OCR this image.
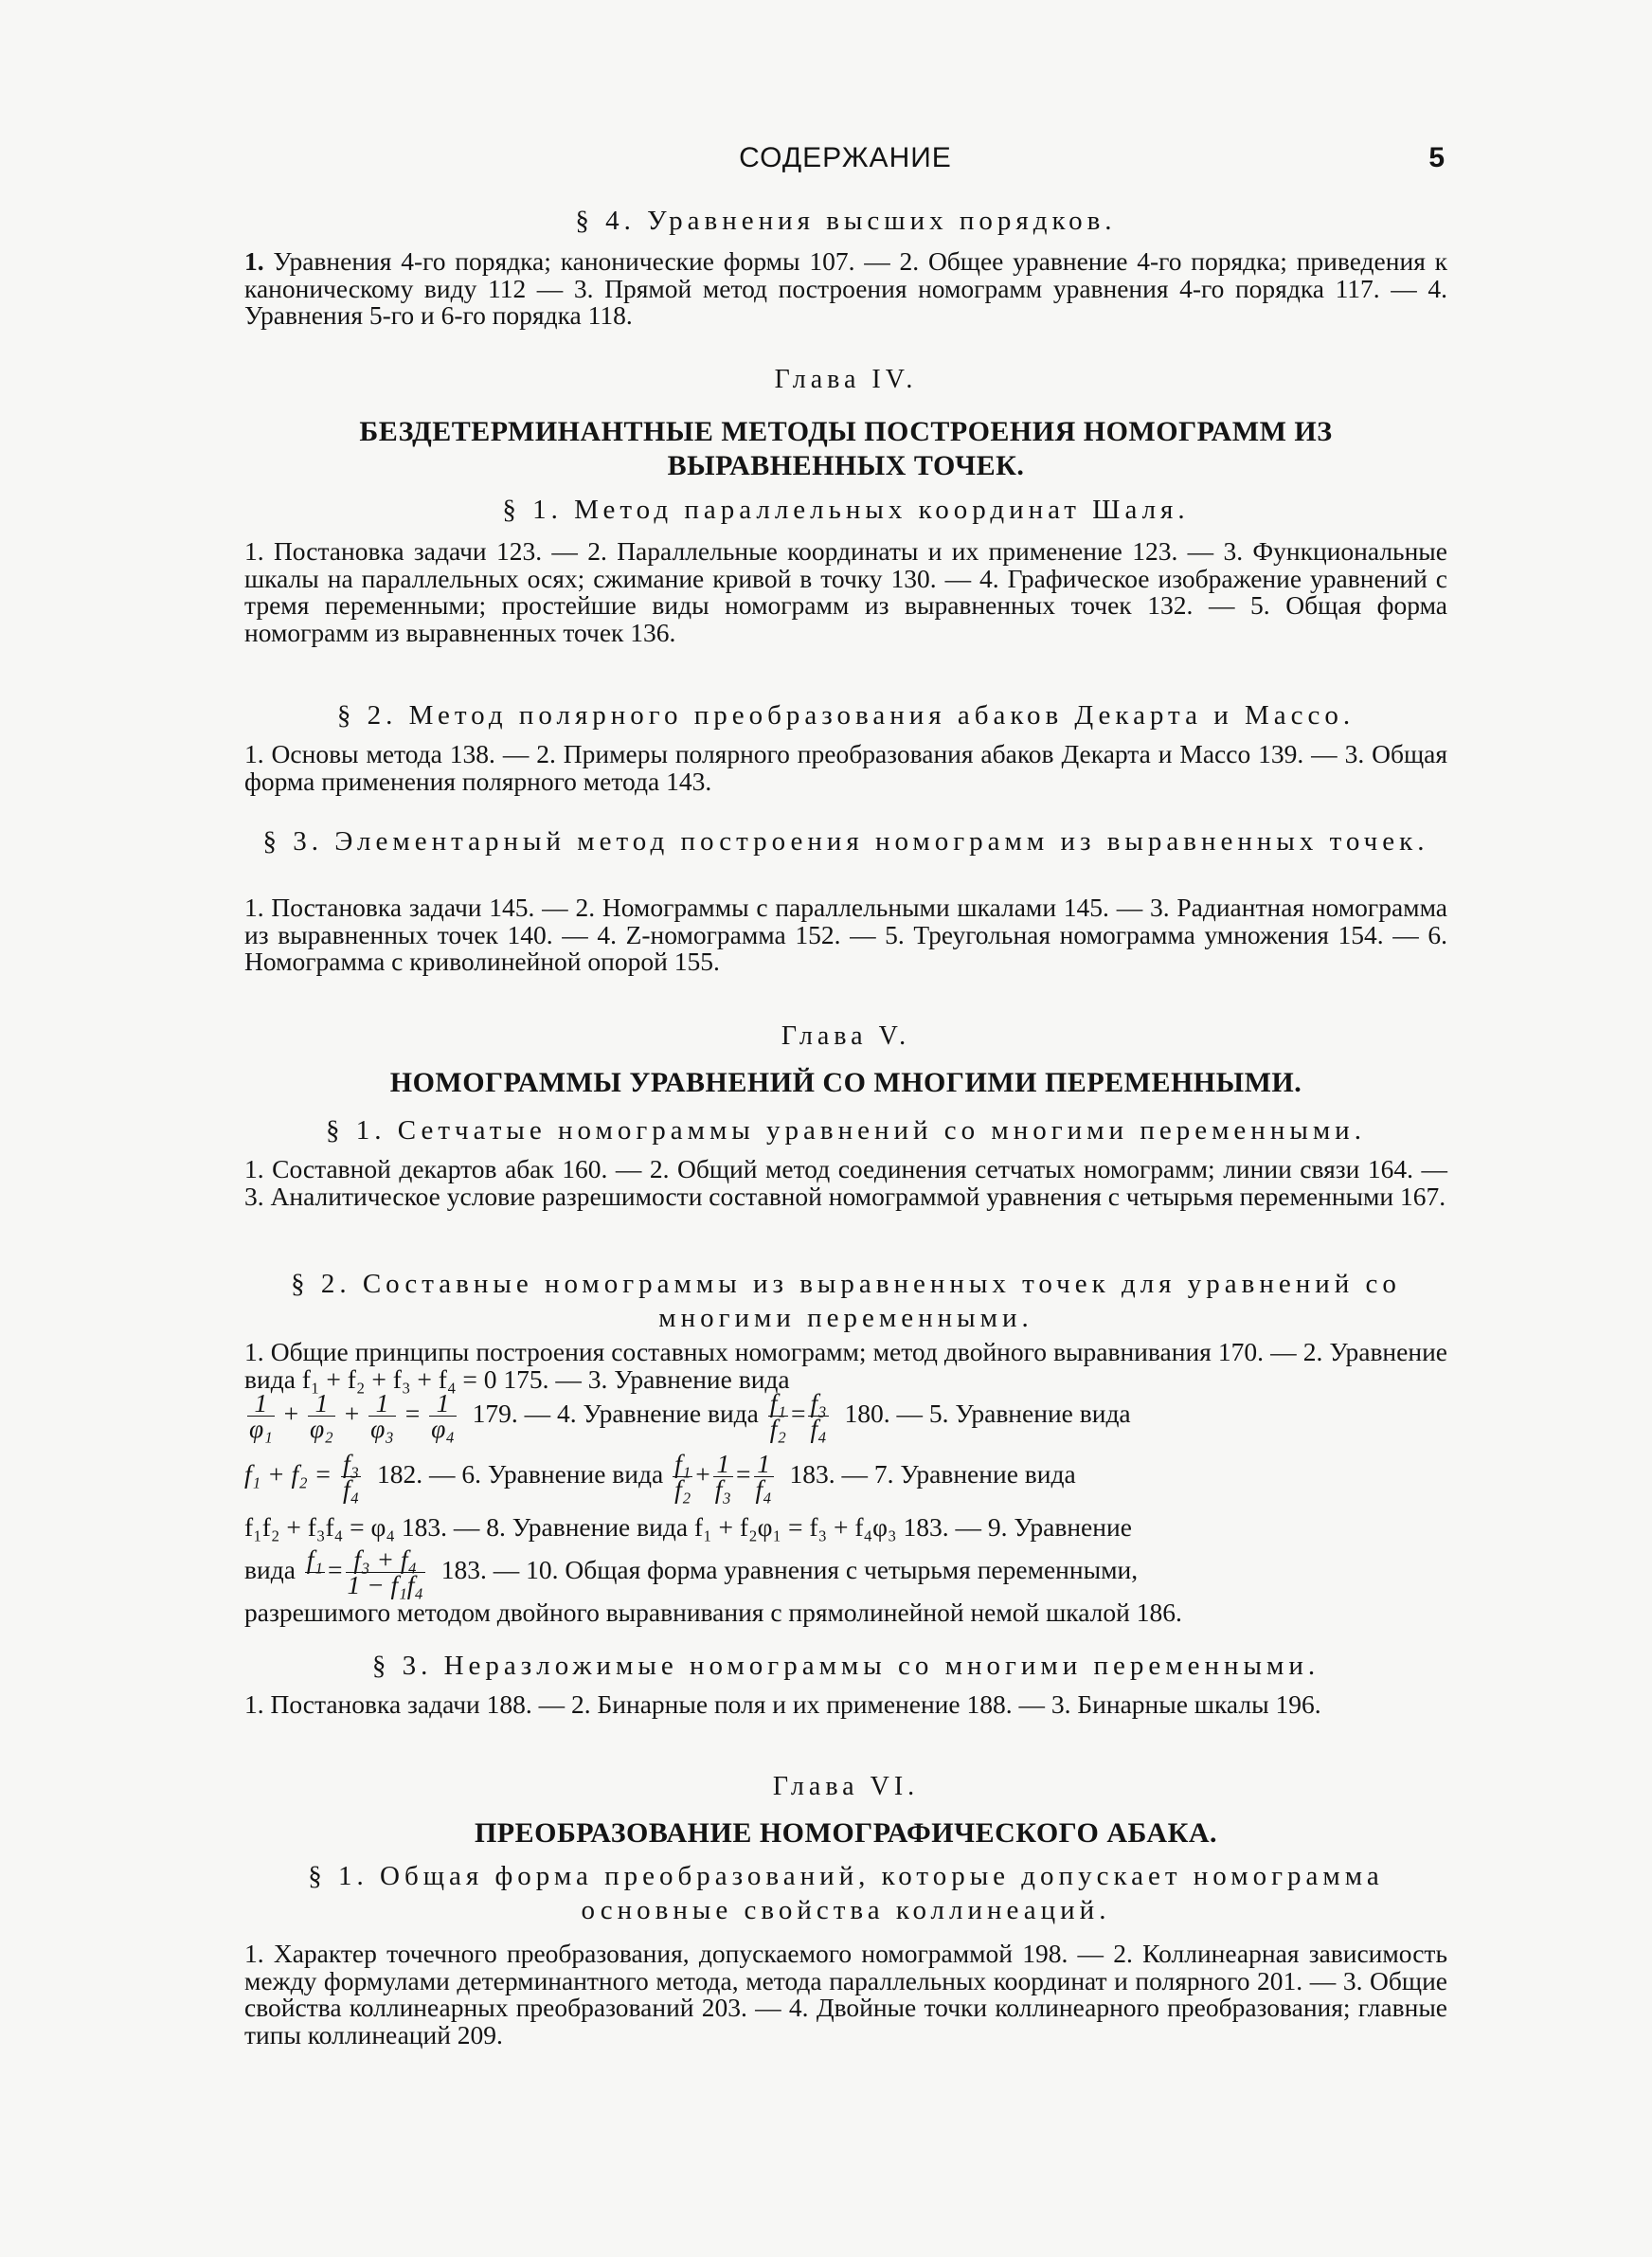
СОДЕРЖАНИЕ	5
§ 4. Уравнения высших порядков.
1. Уравнения 4-го порядка; канонические формы 107. — 2. Общее уравнение 4-го порядка; приведения к каноническому виду 112 — 3. Прямой метод построения номограмм уравнения 4-го порядка 117. — 4. Уравнения 5-го и 6-го порядка 118.
Глава IV.
БЕЗДЕТЕРМИНАНТНЫЕ МЕТОДЫ ПОСТРОЕНИЯ НОМОГРАММ ИЗ ВЫРАВНЕННЫХ ТОЧЕК.
§ 1. Метод параллельных координат Шаля.
1. Постановка задачи 123. — 2. Параллельные координаты и их применение 123. — 3. Функциональные шкалы на параллельных осях; сжимание кривой в точку 130. — 4. Графическое изображение уравнений с тремя переменными; простейшие виды номограмм из выравненных точек 132. — 5. Общая форма номограмм из выравненных точек 136.
§ 2. Метод полярного преобразования абаков Декарта и Массо.
1. Основы метода 138. — 2. Примеры полярного преобразования абаков Декарта и Массо 139. — 3. Общая форма применения полярного метода 143.
§ 3. Элементарный метод построения номограмм из выравненных точек.
1. Постановка задачи 145. — 2. Номограммы с параллельными шкалами 145. — 3. Радиантная номограмма из выравненных точек 140. — 4. Z-номограмма 152. — 5. Треугольная номограмма умножения 154. — 6. Номограмма с криволинейной опорой 155.
Глава V.
НОМОГРАММЫ УРАВНЕНИЙ СО МНОГИМИ ПЕРЕМЕННЫМИ.
§ 1. Сетчатые номограммы уравнений со многими переменными.
1. Составной декартов абак 160. — 2. Общий метод соединения сетчатых номограмм; линии связи 164. — 3. Аналитическое условие разрешимости составной номограммой уравнения с четырьмя переменными 167.
§ 2. Составные номограммы из выравненных точек для уравнений со многими переменными.
1. Общие принципы построения составных номограмм; метод двойного выравнивания 170. — 2. Уравнение вида f₁ + f₂ + f₃ + f₄ = 0 175. — 3. Уравнение вида
$\frac{1}{\text{φ₁}} + \frac{1}{\text{φ₂}} + \frac{1}{\text{φ₃}} = \frac{1}{\text{φ₄}} 179$. — 4. Уравнение вида $\frac{\text{f₁}}{\text{f₂}} = \frac{\text{f₃}}{\text{f₄}} 180$. — 5. Уравнение вида
$f_1 + f_2 = \frac{\text{f₃}}{\text{f₄}} 182$. — 6. Уравнение вида $\frac{\text{f₁}}{\text{f₂}} + \frac{1}{\text{f₃}} = \frac{1}{\text{f₄}} 183$. — 7. Уравнение вида
f₁f₂ + f₃f₄ = φ₄ 183. — 8. Уравнение вида f₁ + f₂φ₁ = f₃ + f₄φ₃ 183. — 9. Уравнение
вида f₁
= $\frac{\text{f₃ + f₄}}{\text{1 − f₁f₄}} 183$. — 10. Общая форма уравнения с четырьмя переменными,
разрешимого методом двойного выравнивания с прямолинейной немой шкалой 186.
§ 3. Неразложимые номограммы со многими переменными.
1. Постановка задачи 188. — 2. Бинарные поля и их применение 188. — 3. Бинарные шкалы 196.
Глава VI.
ПРЕОБРАЗОВАНИЕ НОМОГРАФИЧЕСКОГО АБАКА.
§ 1. Общая форма преобразований, которые допускает номограмма основные свойства коллинеаций.
1. Характер точечного преобразования, допускаемого номограммой 198. — 2. Коллинеарная зависимость между формулами детерминантного метода, метода параллельных координат и полярного 201. — 3. Общие свойства коллинеарных преобразований 203. — 4. Двойные точки коллинеарного преобразования; главные типы коллинеаций 209.
